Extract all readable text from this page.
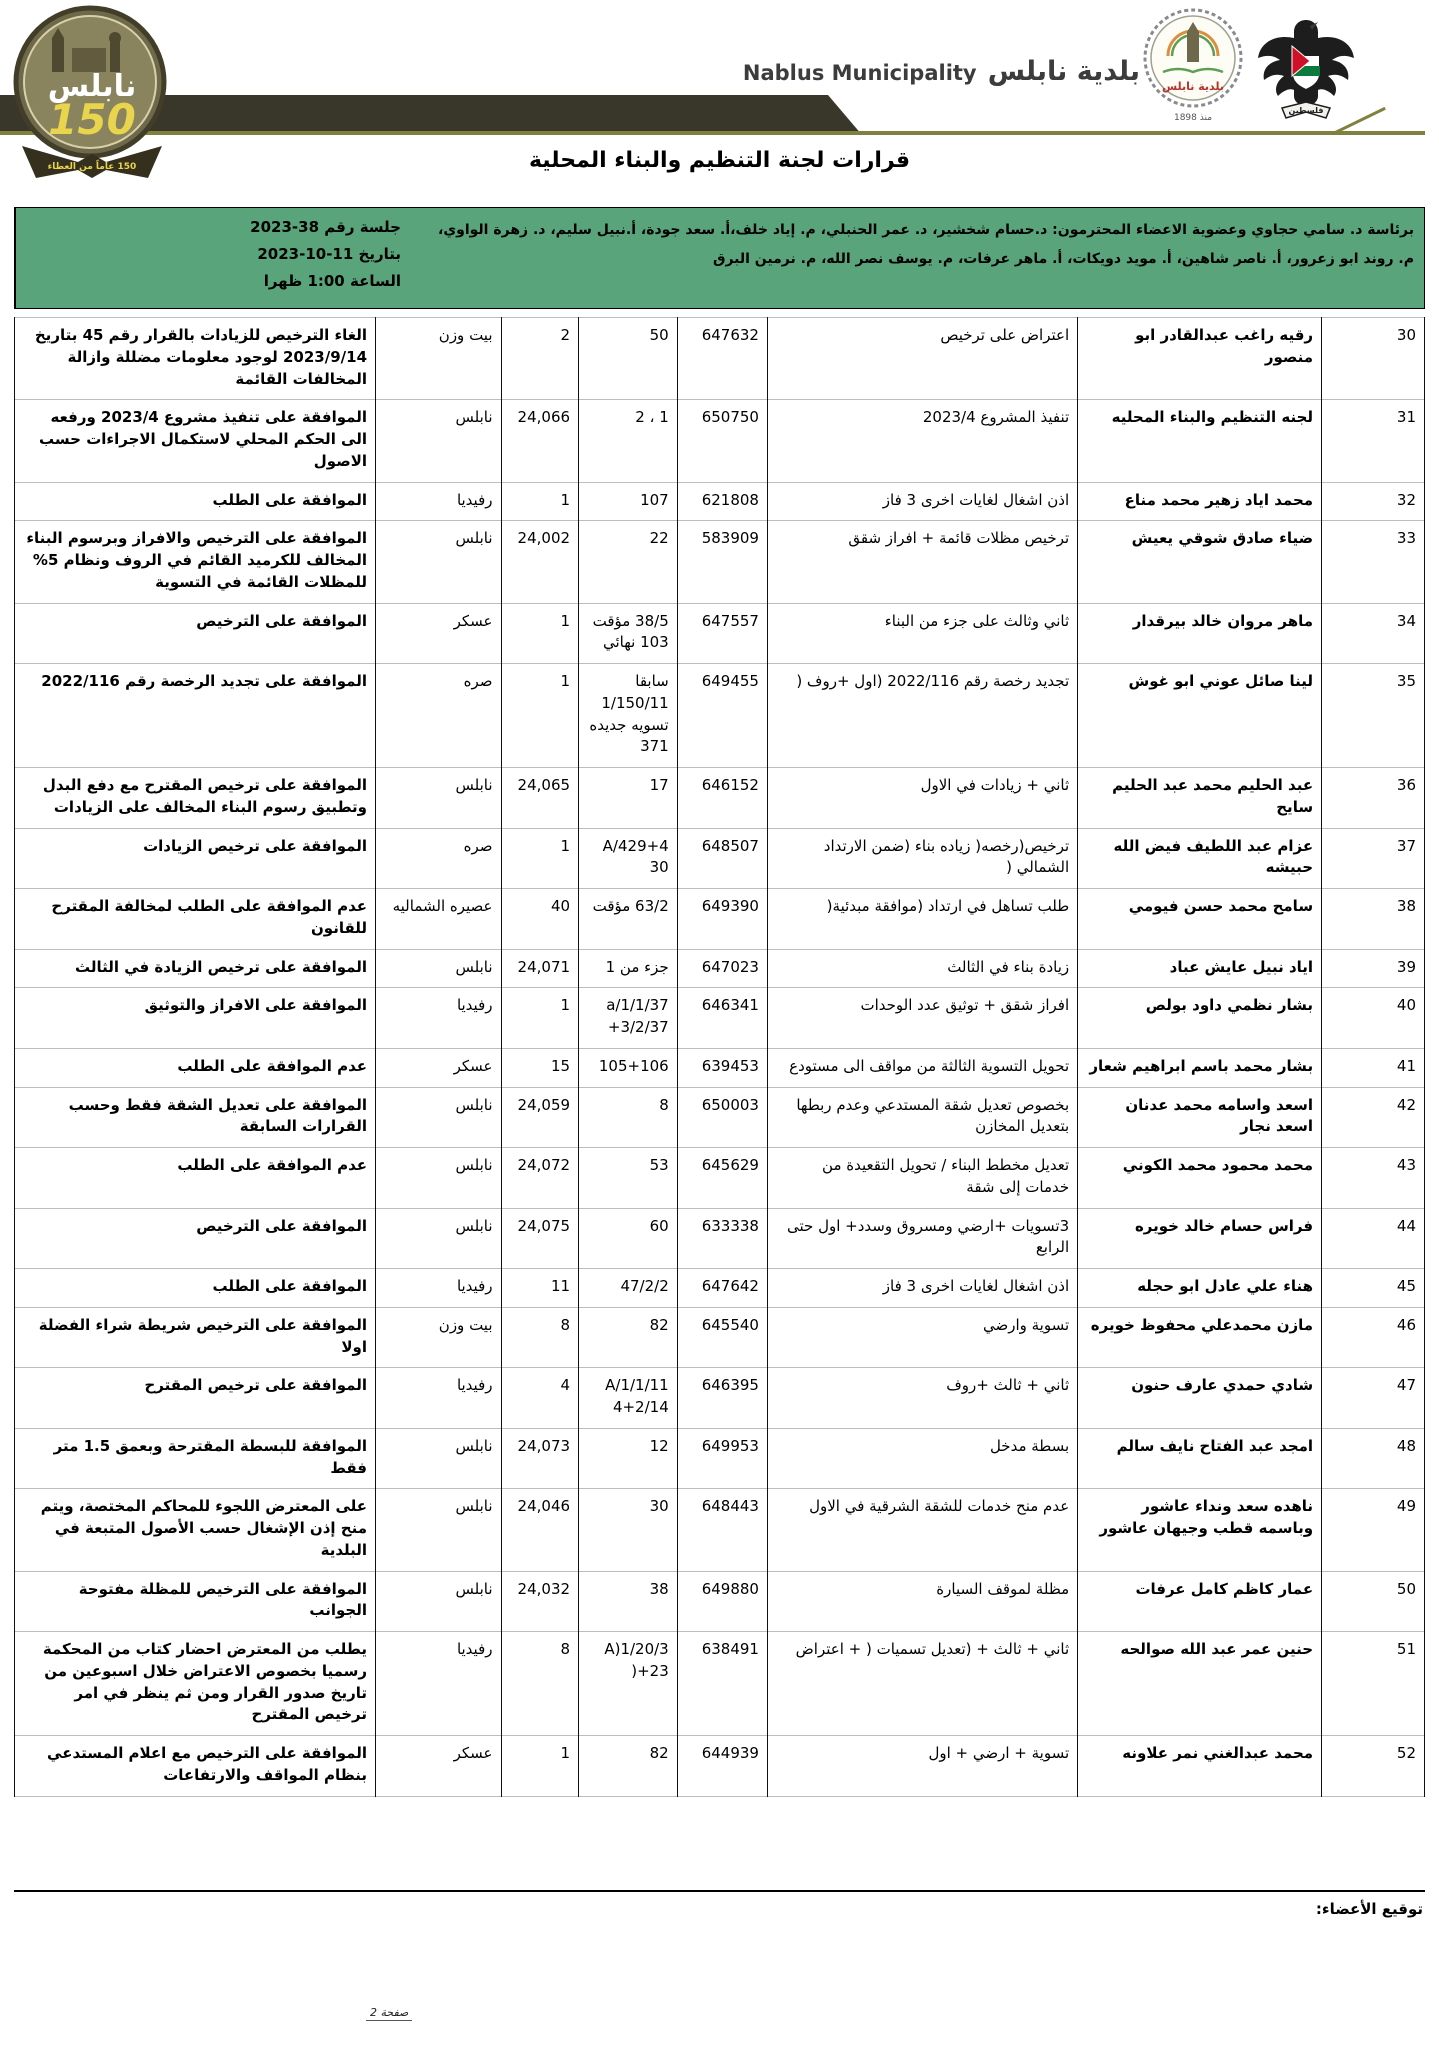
نابلس
150
150 عاماً من العطاء
بلدية نابلس Nablus Municipality
بلدية نابلس
منذ 1898
فلسطين
قرارات لجنة التنظيم والبناء المحلية
جلسة رقم 38-2023
بتاريخ 11-10-2023
الساعة 1:00 ظهرا
برئاسة د. سامي حجاوي وعضوية الاعضاء المحترمون: د.حسام شخشير، د. عمر الحنبلي، م. إياد خلف،أ. سعد جودة، أ.نبيل سليم، د. زهرة الواوي، م. روند ابو زعرور، أ. ناصر شاهين، أ. مويد دويكات، أ. ماهر عرفات، م. يوسف نصر الله، م. نرمين البرق
30	رقيه راغب عبدالقادر ابو منصور	اعتراض على ترخيص	647632	50	2	بيت وزن	الغاء الترخيص للزيادات بالقرار رقم 45 بتاريخ 2023/9/14 لوجود معلومات مضللة وازالة المخالفات القائمة
31	لجنه التنظيم والبناء المحليه	تنفيذ المشروع 2023/4	650750	1 ، 2	24,066	نابلس	الموافقة على تنفيذ مشروع 2023/4 ورفعه الى الحكم المحلي لاستكمال الاجراءات حسب الاصول
32	محمد اياد زهير محمد مناع	اذن اشغال لغايات اخرى 3 فاز	621808	107	1	رفيديا	الموافقة على الطلب
33	ضياء صادق شوقي يعيش	ترخيص مظلات قائمة + افراز شقق	583909	22	24,002	نابلس	الموافقة على الترخيص والافراز وبرسوم البناء المخالف للكرميد القائم في الروف ونظام 5% للمظلات القائمة في التسوية
34	ماهر مروان خالد بيرقدار	ثاني وثالث على جزء من البناء	647557	38/5 مؤقت 103 نهائي	1	عسكر	الموافقة على الترخيص
35	لينا صائل عوني ابو غوش	تجديد رخصة رقم 2022/116 (اول +روف (	649455	سابقا 1/150/11 تسويه جديده 371	1	صره	الموافقة على تجديد الرخصة رقم 2022/116
36	عبد الحليم محمد عبد الحليم سايح	ثاني + زيادات في الاول	646152	17	24,065	نابلس	الموافقة على ترخيص المقترح مع دفع البدل وتطبيق رسوم البناء المخالف على الزيادات
37	عزام عبد اللطيف فيض الله حبيشه	ترخيص(رخصه( زياده بناء (ضمن الارتداد الشمالي (	648507	A/429+4 30	1	صره	الموافقة على ترخيص الزيادات
38	سامح محمد حسن فيومي	طلب تساهل في ارتداد (موافقة مبدئية(	649390	63/2 مؤقت	40	عصيره الشماليه	عدم الموافقة على الطلب لمخالفة المقترح للقانون
39	اياد نبيل عايش عباد	زيادة بناء في الثالث	647023	جزء من 1	24,071	نابلس	الموافقة على ترخيص الزيادة في الثالث
40	بشار نظمي داود بولص	افراز شقق + توثيق عدد الوحدات	646341	a/1/1/37 +3/2/37	1	رفيديا	الموافقة على الافراز والتوثيق
41	بشار محمد باسم ابراهيم شعار	تحويل التسوية الثالثة من مواقف الى مستودع	639453	105+106	15	عسكر	عدم الموافقة على الطلب
42	اسعد واسامه محمد عدنان اسعد نجار	بخصوص تعديل شقة المستدعي وعدم ربطها بتعديل المخازن	650003	8	24,059	نابلس	الموافقة على تعديل الشقة فقط وحسب القرارات السابقة
43	محمد محمود محمد الكوني	تعديل مخطط البناء / تحويل التقعيدة من خدمات إلى شقة	645629	53	24,072	نابلس	عدم الموافقة على الطلب
44	فراس حسام خالد خويره	3تسويات +ارضي ومسروق وسدد+ اول حتى الرابع	633338	60	24,075	نابلس	الموافقة على الترخيص
45	هناء علي عادل ابو حجله	اذن اشغال لغايات اخرى 3 فاز	647642	47/2/2	11	رفيديا	الموافقة على الطلب
46	مازن محمدعلي محفوظ خويره	تسوية وارضي	645540	82	8	بيت وزن	الموافقة على الترخيص شريطة شراء الفضلة اولا
47	شادي حمدي عارف حنون	ثاني + ثالث +روف	646395	A/1/1/11 4+2/14	4	رفيديا	الموافقة على ترخيص المقترح
48	امجد عبد الفتاح نايف سالم	بسطة مدخل	649953	12	24,073	نابلس	الموافقة للبسطة المقترحة وبعمق 1.5 متر فقط
49	ناهده سعد ونداء عاشور وباسمه قطب وجيهان عاشور	عدم منح خدمات للشقة الشرقية في الاول	648443	30	24,046	نابلس	على المعترض اللجوء للمحاكم المختصة، ويتم منح إذن الإشغال حسب الأصول المتبعة في البلدية
50	عمار كاظم كامل عرفات	مظلة لموقف السيارة	649880	38	24,032	نابلس	الموافقة على الترخيص للمظلة مفتوحة الجوانب
51	حنين عمر عبد الله صوالحه	ثاني + ثالث + (تعديل تسميات ( + اعتراض	638491	A)1/20/3 +23(	8	رفيديا	يطلب من المعترض احضار كتاب من المحكمة رسميا بخصوص الاعتراض خلال اسبوعين من تاريخ صدور القرار ومن ثم ينظر في امر ترخيص المقترح
52	محمد عبدالغني نمر علاونه	تسوية + ارضي + اول	644939	82	1	عسكر	الموافقة على الترخيص مع اعلام المستدعي بنظام المواقف والارتفاعات
توقيع الأعضاء:
صفحة 2
